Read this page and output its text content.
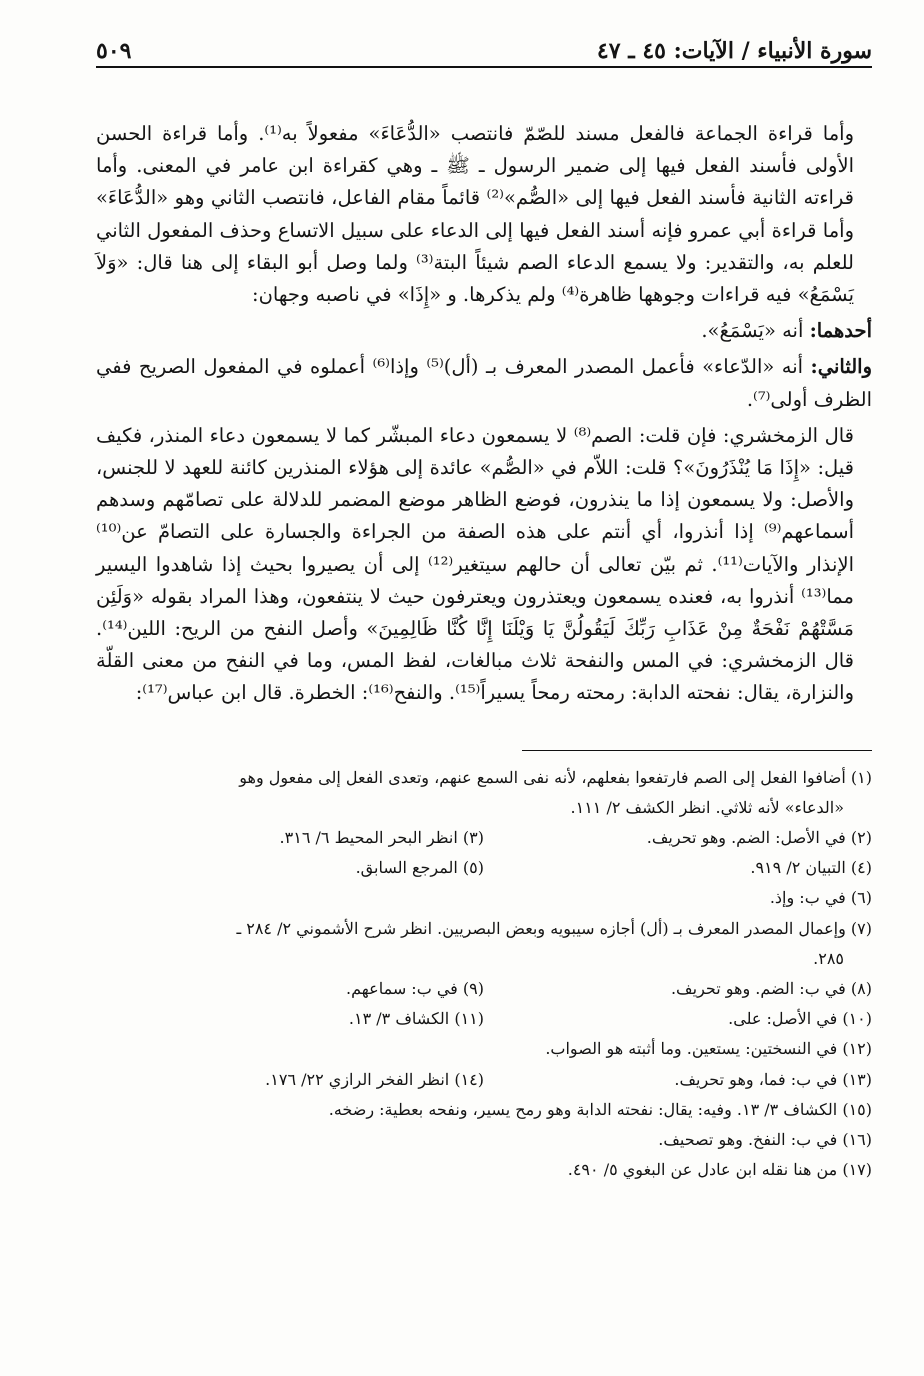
سورة الأنبياء / الآيات: ٤٥ ـ ٤٧
٥٠٩

وأما قراءة الجماعة فالفعل مسند للصّمّ فانتصب «الدُّعَاءَ» مفعولاً به⁽¹⁾. وأما قراءة الحسن الأولى فأسند الفعل فيها إلى ضمير الرسول ـ ﷺ ـ وهي كقراءة ابن عامر في المعنى. وأما قراءته الثانية فأسند الفعل فيها إلى «الصُّم»⁽²⁾ قائماً مقام الفاعل، فانتصب الثاني وهو «الدُّعَاءَ» وأما قراءة أبي عمرو فإنه أسند الفعل فيها إلى الدعاء على سبيل الاتساع وحذف المفعول الثاني للعلم به، والتقدير: ولا يسمع الدعاء الصم شيئاً البتة⁽³⁾ ولما وصل أبو البقاء إلى هنا قال: «وَلاَ يَسْمَعُ» فيه قراءات وجوهها ظاهرة⁽⁴⁾ ولم يذكرها. و «إِذَا» في ناصبه وجهان:

أحدهما: أنه «يَسْمَعُ».

والثاني: أنه «الدّعاء» فأعمل المصدر المعرف بـ (أل)⁽⁵⁾ وإذا⁽⁶⁾ أعملوه في المفعول الصريح ففي الظرف أولى⁽⁷⁾.

قال الزمخشري: فإن قلت: الصم⁽⁸⁾ لا يسمعون دعاء المبشّر كما لا يسمعون دعاء المنذر، فكيف قيل: «إِذَا مَا يُنْذَرُونَ»؟ قلت: اللاّم في «الصُّم» عائدة إلى هؤلاء المنذرين كائنة للعهد لا للجنس، والأصل: ولا يسمعون إذا ما ينذرون، فوضع الظاهر موضع المضمر للدلالة على تصامّهم وسدهم أسماعهم⁽⁹⁾ إذا أنذروا، أي أنتم على هذه الصفة من الجراءة والجسارة على التصامّ عن⁽¹⁰⁾ الإنذار والآيات⁽¹¹⁾. ثم بيّن تعالى أن حالهم سيتغير⁽¹²⁾ إلى أن يصيروا بحيث إذا شاهدوا اليسير مما⁽¹³⁾ أنذروا به، فعنده يسمعون ويعتذرون ويعترفون حيث لا ينتفعون، وهذا المراد بقوله «وَلَئِن مَسَّتْهُمْ نَفْحَةٌ مِنْ عَذَابِ رَبِّكَ لَيَقُولُنَّ يَا وَيْلَنَا إِنَّا كُنَّا ظَالِمِينَ» وأصل النفح من الريح: اللين⁽¹⁴⁾. قال الزمخشري: في المس والنفحة ثلاث مبالغات، لفظ المس، وما في النفح من معنى القلّة والنزارة، يقال: نفحته الدابة: رمحته رمحاً يسيراً⁽¹⁵⁾. والنفح⁽¹⁶⁾: الخطرة. قال ابن عباس⁽¹⁷⁾:

(١) أضافوا الفعل إلى الصم فارتفعوا بفعلهم، لأنه نفى السمع عنهم، وتعدى الفعل إلى مفعول وهو
«الدعاء» لأنه ثلاثي. انظر الكشف ٢/ ١١١.
(٢) في الأصل: الضم. وهو تحريف.
(٣) انظر البحر المحيط ٦/ ٣١٦.
(٤) التبيان ٢/ ٩١٩.
(٥) المرجع السابق.
(٦) في ب: وإذ.
(٧) وإعمال المصدر المعرف بـ (أل) أجازه سيبويه وبعض البصريين. انظر شرح الأشموني ٢/ ٢٨٤ ـ
٢٨٥.
(٨) في ب: الضم. وهو تحريف.
(٩) في ب: سماعهم.
(١٠) في الأصل: على.
(١١) الكشاف ٣/ ١٣.
(١٢) في النسختين: يستعين. وما أثبته هو الصواب.
(١٣) في ب: فما، وهو تحريف.
(١٤) انظر الفخر الرازي ٢٢/ ١٧٦.
(١٥) الكشاف ٣/ ١٣. وفيه: يقال: نفحته الدابة وهو رمح يسير، ونفحه بعطية: رضخه.
(١٦) في ب: النفخ. وهو تصحيف.
(١٧) من هنا نقله ابن عادل عن البغوي ٥/ ٤٩٠.
